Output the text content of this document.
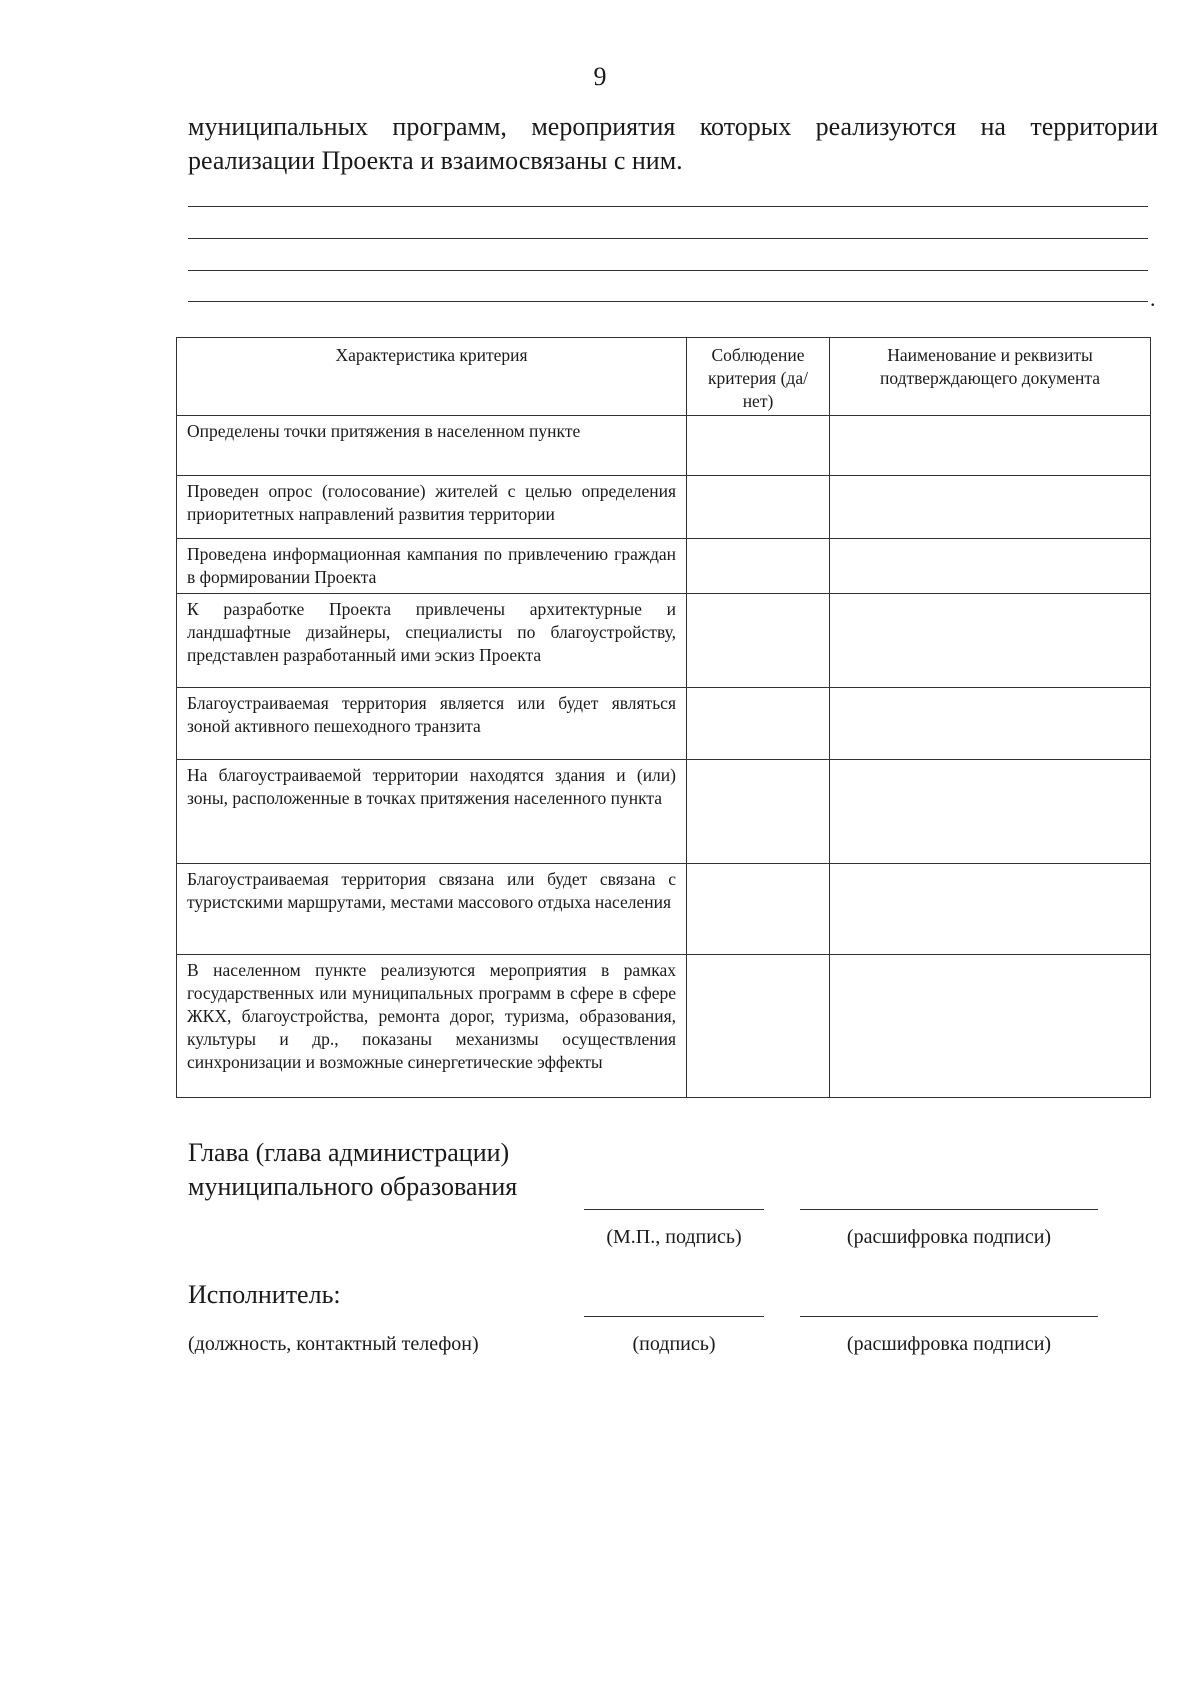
9
муниципальных программ, мероприятия которых реализуются на территории реализации Проекта и взаимосвязаны с ним.
.
Характеристика критерия	Соблюдение критерия (да/нет)	Наименование и реквизиты подтверждающего документа
Определены точки притяжения в населенном пункте		
Проведен опрос (голосование) жителей с целью определения приоритетных направлений развития территории		
Проведена информационная кампания по привлечению граждан в формировании Проекта		
К разработке Проекта привлечены архитектурные и ландшафтные дизайнеры, специалисты по благоустройству, представлен разработанный ими эскиз Проекта		
Благоустраиваемая территория является или будет являться зоной активного пешеходного транзита		
На благоустраиваемой территории находятся здания и (или) зоны, расположенные в точках притяжения населенного пункта		
Благоустраиваемая территория связана или будет связана с туристскими маршрутами, местами массового отдыха населения		
В населенном пункте реализуются мероприятия в рамках государственных или муниципальных программ в сфере в сфере ЖКХ, благоустройства, ремонта дорог, туризма, образования, культуры и др., показаны механизмы осуществления синхронизации и возможные синергетические эффекты		
Глава (глава администрации)
муниципального образования
(М.П., подпись)	(расшифровка подписи)
Исполнитель:
(должность, контактный телефон)	(подпись)	(расшифровка подписи)
